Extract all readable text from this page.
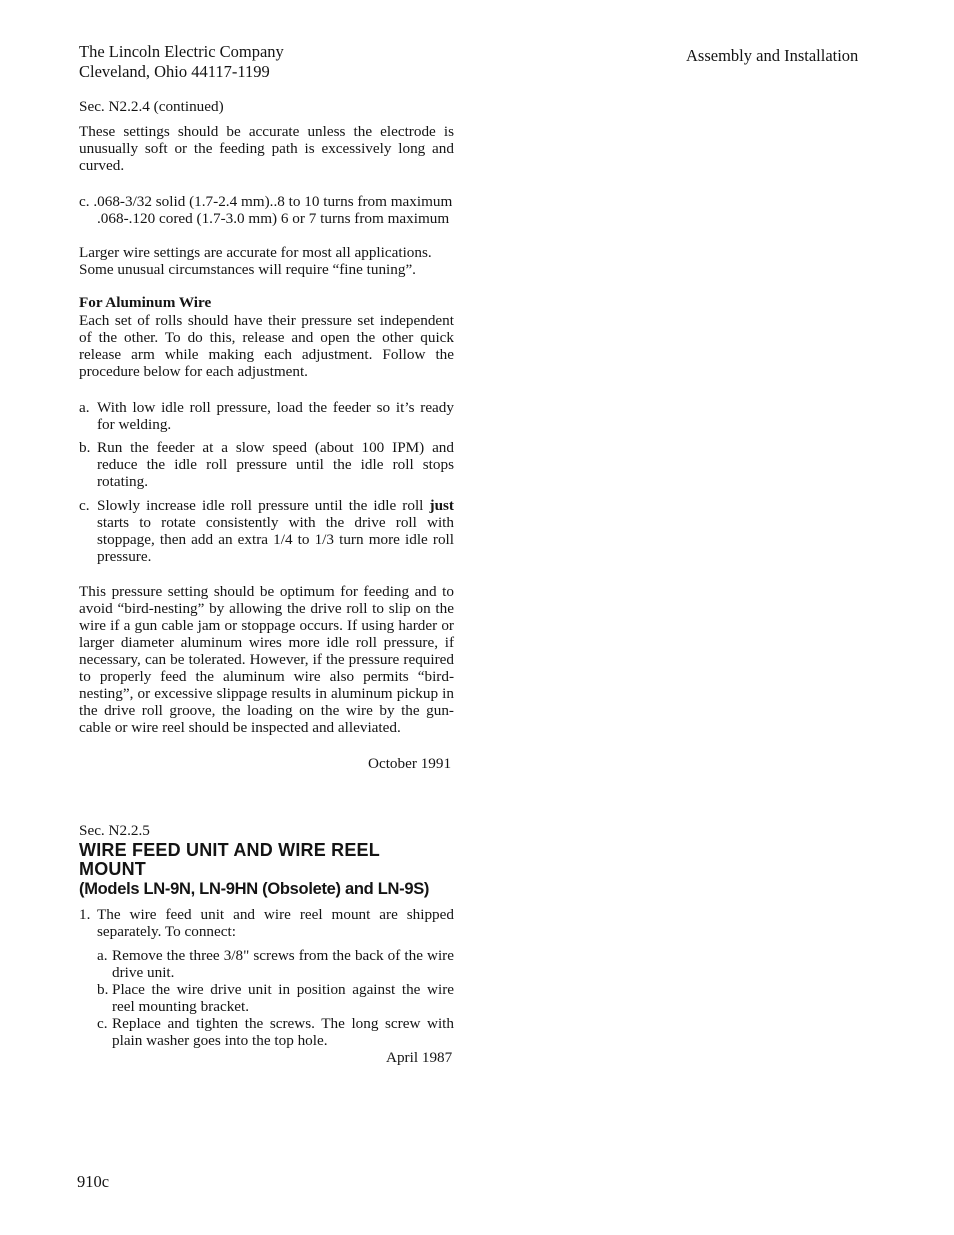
The Lincoln Electric Company
Cleveland, Ohio 44117-1199
Assembly and Installation
Sec. N2.2.4 (continued)
These settings should be accurate unless the electrode is unusually soft or the feeding path is excessively long and curved.
c. .068-3/32 solid (1.7-2.4 mm)..8 to 10 turns from maximum
.068-.120 cored (1.7-3.0 mm) 6 or 7 turns from maximum
Larger wire settings are accurate for most all applications. Some unusual circumstances will require “fine tuning”.
For Aluminum Wire
Each set of rolls should have their pressure set independent of the other. To do this, release and open the other quick release arm while making each adjustment. Follow the procedure below for each adjustment.
a. With low idle roll pressure, load the feeder so it’s ready for welding.
b. Run the feeder at a slow speed (about 100 IPM) and reduce the idle roll pressure until the idle roll stops rotating.
c. Slowly increase idle roll pressure until the idle roll just starts to rotate consistently with the drive roll with stoppage, then add an extra 1/4 to 1/3 turn more idle roll pressure.
This pressure setting should be optimum for feeding and to avoid “bird-nesting” by allowing the drive roll to slip on the wire if a gun cable jam or stoppage occurs. If using harder or larger diameter aluminum wires more idle roll pressure, if necessary, can be tolerated. However, if the pressure required to properly feed the aluminum wire also permits “bird-nesting”, or excessive slippage results in aluminum pickup in the drive roll groove, the loading on the wire by the gun-cable or wire reel should be inspected and alleviated.
October 1991
Sec. N2.2.5
WIRE FEED UNIT AND WIRE REEL MOUNT
(Models LN-9N, LN-9HN (Obsolete) and LN-9S)
1. The wire feed unit and wire reel mount are shipped separately. To connect:
a. Remove the three 3/8" screws from the back of the wire drive unit.
b. Place the wire drive unit in position against the wire reel mounting bracket.
c. Replace and tighten the screws. The long screw with plain washer goes into the top hole.
April 1987
910c
